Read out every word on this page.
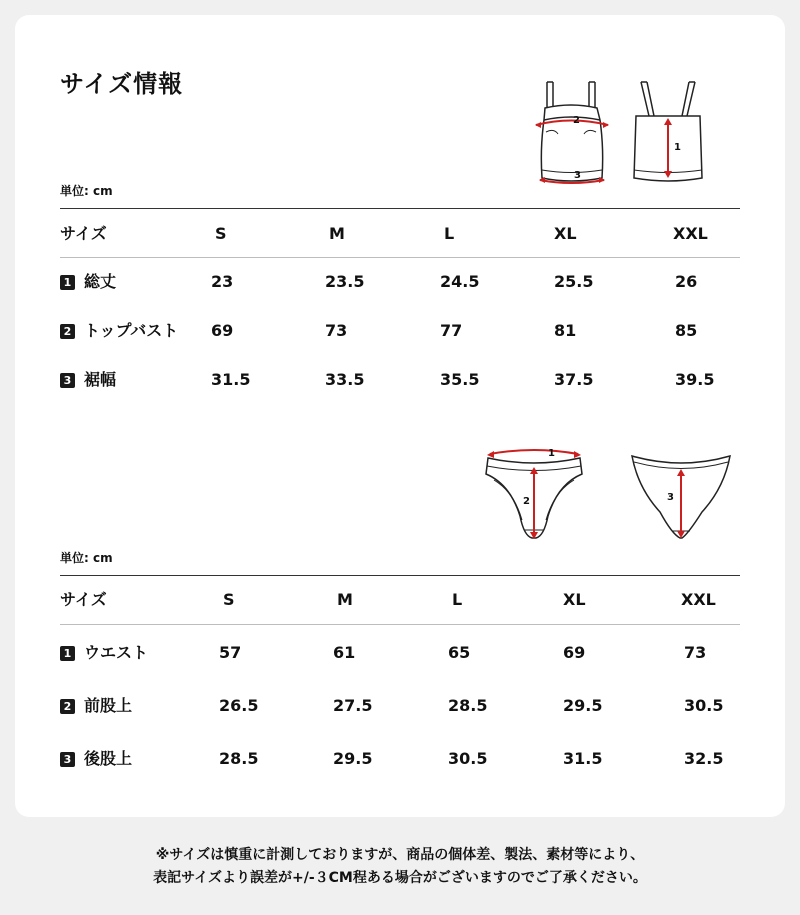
サイズ情報
2
3
1
単位: cm
サイズ	S	M	L	XL	XXL
1 総丈	23	23.5	24.5	25.5	26
2 トップバスト 69	73	77	81	85
3 裾幅	31.5	33.5	35.5	37.5	39.5
1
2	3
単位: cm
サイズ	S	M	L	XL	XXL
1 ウエスト	57	61	65	69	73
2 前股上	26.5	27.5	28.5	29.5	30.5
3 後股上	28.5	29.5	30.5	31.5	32.5
※サイズは慎重に計測しておりますが、商品の個体差、製法、素材等により、
表記サイズより誤差が+/-３CM程ある場合がございますのでご了承ください。
